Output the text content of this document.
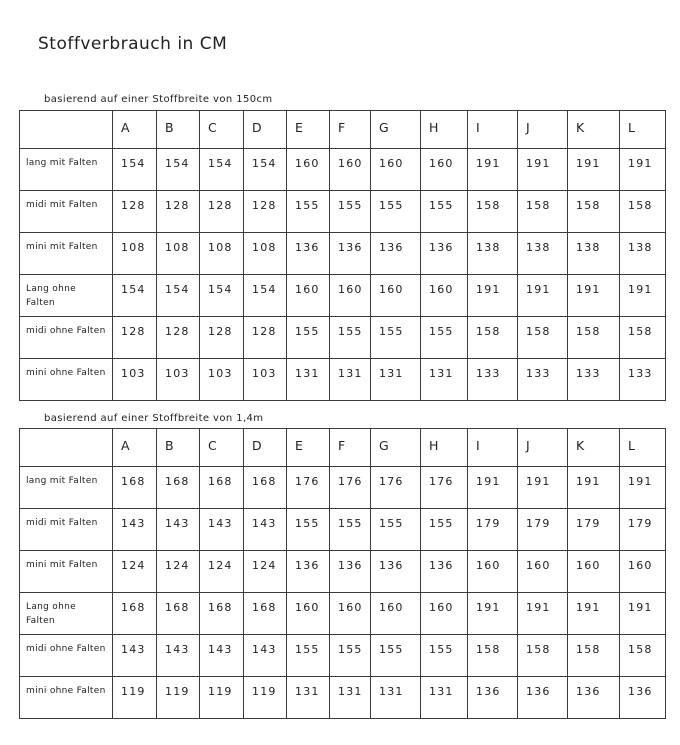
Stoffverbrauch in CM
basierend auf einer Stoffbreite von 150cm
	A	B	C	D	E	F	G	H	I	J	K	L
lang mit Falten	154	154	154	154	160	160	160	160	191	191	191	191
midi mit Falten	128	128	128	128	155	155	155	155	158	158	158	158
mini mit Falten	108	108	108	108	136	136	136	136	138	138	138	138
Lang ohne Falten	154	154	154	154	160	160	160	160	191	191	191	191
midi ohne Falten	128	128	128	128	155	155	155	155	158	158	158	158
mini ohne Falten	103	103	103	103	131	131	131	131	133	133	133	133
basierend auf einer Stoffbreite von 1,4m
	A	B	C	D	E	F	G	H	I	J	K	L
lang mit Falten	168	168	168	168	176	176	176	176	191	191	191	191
midi mit Falten	143	143	143	143	155	155	155	155	179	179	179	179
mini mit Falten	124	124	124	124	136	136	136	136	160	160	160	160
Lang ohne Falten	168	168	168	168	160	160	160	160	191	191	191	191
midi ohne Falten	143	143	143	143	155	155	155	155	158	158	158	158
mini ohne Falten	119	119	119	119	131	131	131	131	136	136	136	136
